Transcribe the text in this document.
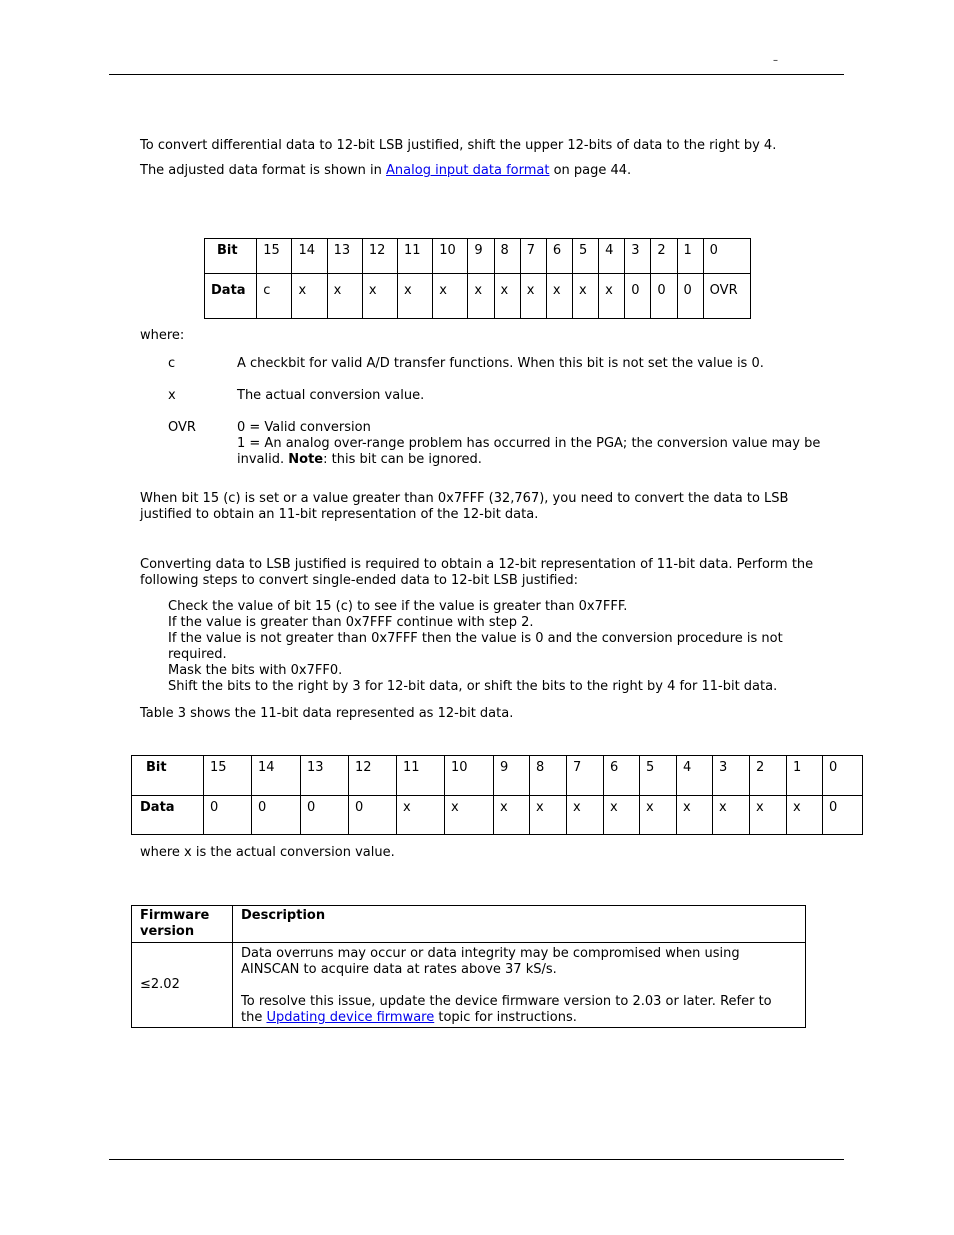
–
To convert differential data to 12-bit LSB justified, shift the upper 12-bits of data to the right by 4.
The adjusted data format is shown in Analog input data format on page 44.
Bit	15	14	13	12	11	10	9	8	7	6	5	4	3	2	1	0
Data	c	x	x	x	x	x	x	x	x	x	x	x	0	0	0	OVR
where:
c	A checkbit for valid A/D transfer functions. When this bit is not set the value is 0.
x	The actual conversion value.
OVR	0 = Valid conversion
1 = An analog over-range problem has occurred in the PGA; the conversion value may be invalid. Note: this bit can be ignored.
When bit 15 (c) is set or a value greater than 0x7FFF (32,767), you need to convert the data to LSB justified to obtain an 11-bit representation of the 12-bit data.
Converting data to LSB justified is required to obtain a 12-bit representation of 11-bit data. Perform the following steps to convert single-ended data to 12-bit LSB justified:
Check the value of bit 15 (c) to see if the value is greater than 0x7FFF.
If the value is greater than 0x7FFF continue with step 2.
If the value is not greater than 0x7FFF then the value is 0 and the conversion procedure is not required.
Mask the bits with 0x7FF0.
Shift the bits to the right by 3 for 12-bit data, or shift the bits to the right by 4 for 11-bit data.
Table 3 shows the 11-bit data represented as 12-bit data.
Bit	15	14	13	12	11	10	9	8	7	6	5	4	3	2	1	0
Data	0	0	0	0	x	x	x	x	x	x	x	x	x	x	x	0
where x is the actual conversion value.
Firmware version	Description
≤2.02	Data overruns may occur or data integrity may be compromised when using AINSCAN to acquire data at rates above 37 kS/s.
To resolve this issue, update the device firmware version to 2.03 or later. Refer to the Updating device firmware topic for instructions.
